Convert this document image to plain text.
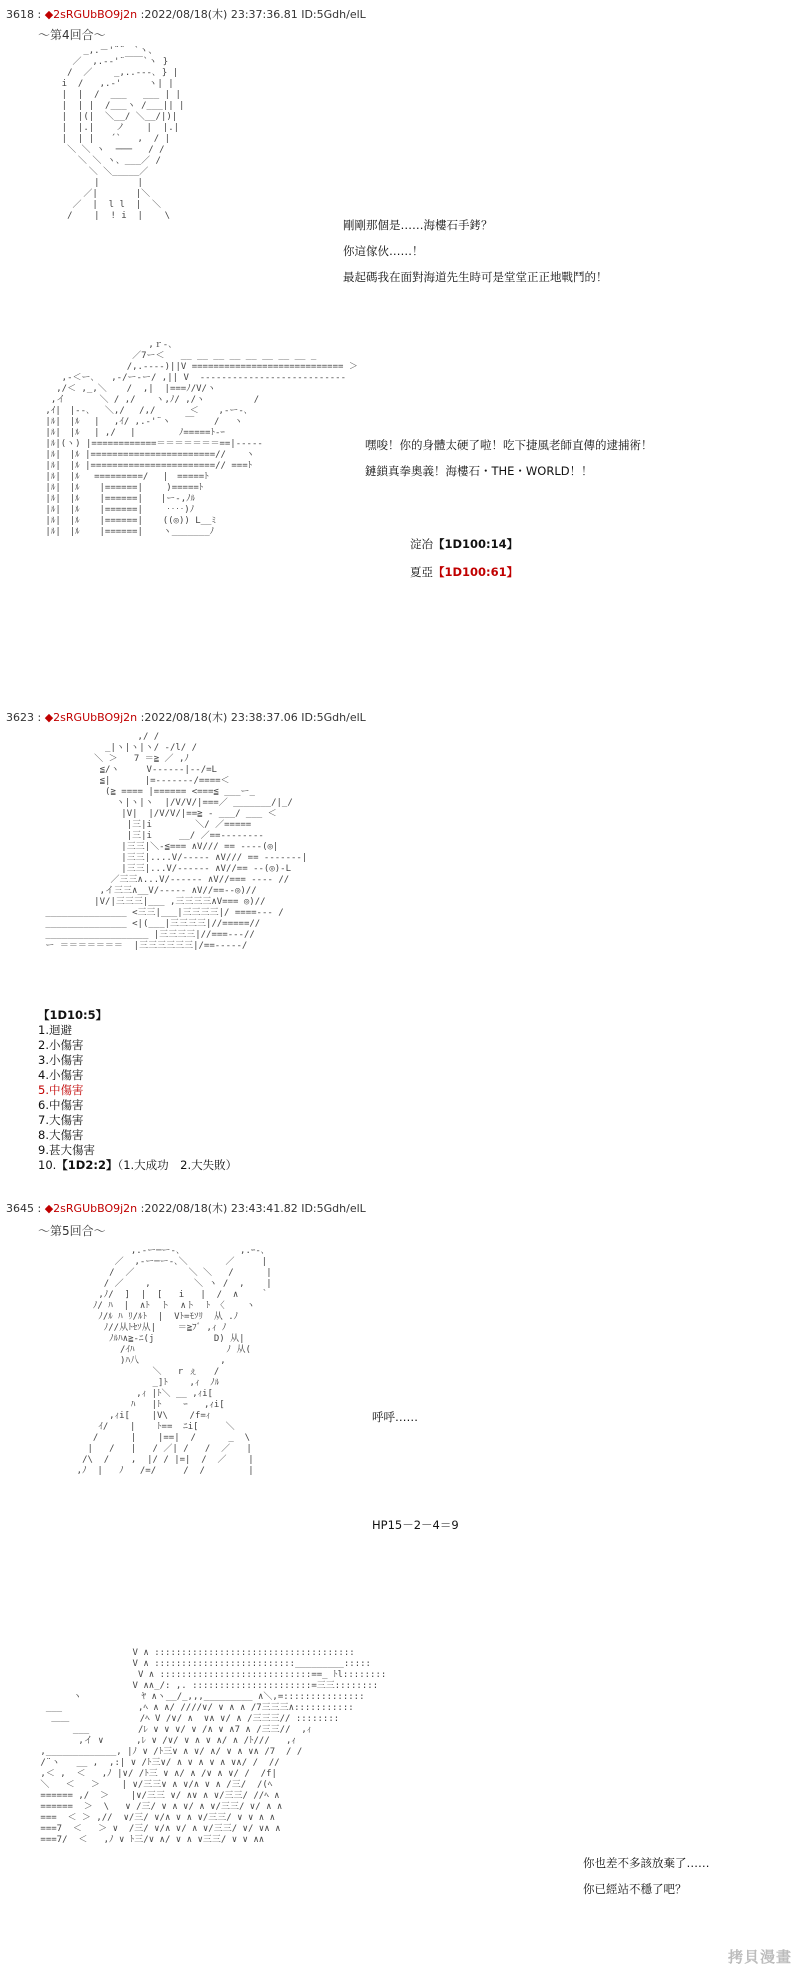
3618 : ◆2sRGUbBO9j2n :2022/08/18(木) 23:37:36.81 ID:5Gdh/elL
～第4回合～
_,.－'¨¨￣`ヽ、
／  ,.-‐'¨￣￣`ヽ }
/  ／    _,..---､ } |
i  /   ,.-'     ヽ| |
|  |  /  ___   ___ | |
|  | |  /___ヽ /___|| |
|  |(|  ＼__/ ＼__/|)|
|  |.|    ノ    |  |.|
|  | |   ´`   ,  / |
＼ ＼ ヽ  ───   / /
＼ ＼ ヽ、___／ /
＼ ＼_____／
|       |
／|       |＼
／  |  l l  |  ＼
/    |  ! i  |    \

剛剛那個是……海樓石手銬？
你這傢伙……！
最起碼我在面對海道先生時可是堂堂正正地戰鬥的！
,ｒ‐､
／7ー＜   __ __ __ __ __ __ __ __ _
/,.----)||V ============================ ＞
,-＜ー､   ,-/ー-ー/ ,|| V  ---------------------------
,/＜ ,_,＼ 　 /  ,|  |===ﾉ/V/ヽ
,イ 　 　 ＼ / ,/ 　 ヽ,ﾉ/ ,/ヽ 　 　 　 /
,ｲ|　|‐‐､ 　＼,/ 　/,/ 　 　 ＜ 　 ,-ー-､
|ﾙ|　|ﾙ　 |　 ,ｲ/ ,.-'¨ヽ　 ￣ 　 /　 ヽ
|ﾙ|　|ﾙ　 | ,/ 　|　 　 　 ﾉ=====ﾄ-ｰ
|ﾙ|(ヽ) |============＝＝＝＝＝＝＝==|-----
|ﾙ|　|ﾙ |=======================// 　 ヽ
|ﾙ|　|ﾙ |=======================// ===ﾄ
|ﾙ|　|ﾙ 　=========/　 |　=====ﾄ
|ﾙ|　|ﾙ 　 |======|　　 )=====ﾄ
|ﾙ|　|ﾙ 　 |======|　　|ー-,ﾉﾙ
|ﾙ|　|ﾙ 　 |======|　　 ‥‥)ﾉ
|ﾙ|　|ﾙ 　 |======| 　 ((◎)) L__ﾐ
|ﾙ|　|ﾙ 　 |======| 　 ヽ_______ﾉ

嘿唆！你的身體太硬了啦！吃下捷風老師直傳的逮捕術！
鏈鎖真拳奧義！海樓石・THE・WORLD！！
淀冶【1D100:14】
夏亞【1D100:61】
3623 : ◆2sRGUbBO9j2n :2022/08/18(木) 23:38:37.06 ID:5Gdh/elL
,/ /
_|ヽ|ヽ|ヽ/ -/l/ /
＼ ＞   7 ＝≧ ／ ,ﾉ
≦/ヽ     V------|--/=L
≦|  　　 |=-------/====＜
(≧ ==== |====== <===≦ ___ー_
ヽ|ヽ|ヽ  |/V/V/|===／ _______/|_/
|V|  |/V/V/|==≧ - ___/ ___ ＜
|三|i        ＼/ ／=====
|三|i　　　__/ ／==--------
|三三|＼-≦=== ∧V/// == ----(◎|
|三三|....V/----- ∧V/// == -------|
|三三|...V/------ ∧V//== --(◎)-L
／三三∧...V/------ ∧V//=== ---- //
,イ三三∧__V/----- ∧V//==--◎)//
|V/|三三三|___ ,三三三三∧V=== ◎)//
_______________ <三三|___|三三三三|/ ====--- /
_______________ <|(___|三三三三|//=====//
___________________ |三三三三|//===---//
ー ＝＝＝＝＝＝＝  |三三三三三三|/==-----/

【1D10:5】
1.迴避
2.小傷害
3.小傷害
4.小傷害
5.中傷害
6.中傷害
7.大傷害
8.大傷害
9.甚大傷害
10.【1D2:2】（1.大成功　2.大失敗）
3645 : ◆2sRGUbBO9j2n :2022/08/18(木) 23:43:41.82 ID:5Gdh/elL
～第5回合～
,.-ー─ー-､           ,.ｰ-､
／  ,-ー─ー-､＼       ／     |
/  ／          ＼ ＼   /      |
/ ／    ,        ＼ ヽ /  ,    |
,ﾉ/  ]  |  [   i   |  /  ∧    ｀
ﾉ/ ﾊ  |  ∧ﾄ  ト  ∧ト  ﾄ 〈    ヽ
ﾉ/ﾙ ﾊ ﾘ/ﾙﾄ  |  Vﾄ=ﾓｿﾘ  从 .ﾉ
ﾉ//从ﾄｾｿ从|    ＝≧ﾌﾞ ,ｨ ﾉ
ﾉﾙﾊ∧≧-ﾆ(j           D) 从|
/ｲﾊ                 ﾉ 从(
)ﾊ八               ,
＼   r ぇ   /
_]ﾄ    ,ｨ  ﾉﾙ
,ｨ |ﾄ＼ __ ,ｨi[
ﾊ   |ﾄ    ｰ   ,ｨi[
,ｨi[    |V\    /f=ｨ
ｲ/    |    ﾄ==  ﾆi[     ＼
/      |    |==|  /      _  \
|   /   |   / ／| /   /  ／   |
/\  /    ,  |/ / |=|  /  ／    |
,ﾉ  |   ﾉ   /=/     /  /        |

呼呼……
HP15－2－4＝9
V ∧ :::::::::::::::::::::::::::::::::::::
V ∧ ::::::::::::::::::::::::::_________:::::
V ∧ ::::::::::::::::::::::::::::==_ ﾄl::::::::
V ∧∧_/: ,. ::::::::::::::::::::::=三三::::::::
ヽ           ﾔ ∧ヽ__/_,,,_________ ∧＼,=:::::::::::::::
___              ,ﾍ ∧ ∧/ ////∨/ ∨ ∧ ∧ /7三三三∧:::::::::::
＿＿             /ﾍ V /∨/ ∧  ∨∧ ∨/ ∧ /三三三// ::::::::
___         /ﾚ ∨ ∨ ∨/ ∨ /∧ ∨ ∧7 ∧ /三三//  ,ｨ
,イ ∨      ,ﾚ ∨ /∨/ ∨ ∧ ∨ ∧/ ∧ /ﾄ///   ,ｨ
,_____________, |ﾉ ∨ /ﾄ三∨ ∧ ∨/ ∧/ ∨ ∧ ∨∧ /7  / /
/¨ヽ   __ ,  ,:| ∨ /ﾄ三∨/ ∧ ∨ ∧ ∨ ∧ ∨∧/ /  //
,＜ ,  ＜   ,ﾉ |∨/ /ﾄ三 ∨ ∧/ ∧ /∨ ∧ ∨/ /  /f|
＼   ＜   ＞    | ∨/三三∨ ∧ ∨/∧ ∨ ∧ /三/  /(ﾍ
====== ,/  ＞    |∨/三三 ∨/ ∧∨ ∧ ∨/三三/ //ﾍ ∧
======  ＞  \   ∨ /三/ ∨ ∧ ∨/ ∧ ∨/三三/ ∨/ ∧ ∧
===  ＜ ＞ ,//  ∨/三/ ∨/∧ ∨ ∧ ∨/三三/ ∨ ∨ ∧ ∧
===7  ＜   ＞ ∨  /三/ ∨/∧ ∨/ ∧ ∨/三三/ ∨/ ∨∧ ∧
===7/  ＜   ,ﾉ ∨ ﾄ三/∨ ∧/ ∨ ∧ ∨三三/ ∨ ∨ ∧∧

你也差不多該放棄了……
你已經站不穩了吧？
拷貝漫畫
